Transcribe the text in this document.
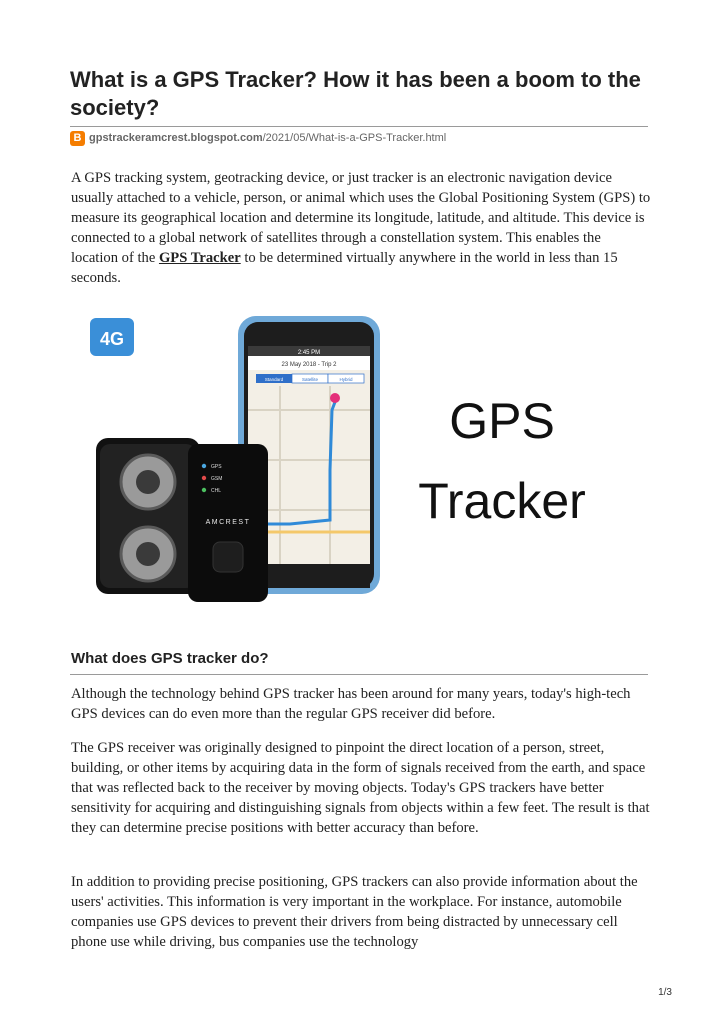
What is a GPS Tracker? How it has been a boom to the society?
B gpstrackeramcrest.blogspot.com /2021/05/What-is-a-GPS-Tracker.html

A GPS tracking system, geotracking device, or just tracker is an electronic navigation device usually attached to a vehicle, person, or animal which uses the Global Positioning System (GPS) to measure its geographical location and determine its longitude, latitude, and altitude. This device is connected to a global network of satellites through a constellation system. This enables the location of the GPS Tracker to be determined virtually anywhere in the world in less than 15 seconds.

4G
2:45 PM
23 May 2018 - Trip 2
Standard	Satellite	Hybrid
GPS
GSM
CHL
AMCREST
GPS
Tracker
What does GPS tracker do?

Although the technology behind GPS tracker has been around for many years, today's high-tech GPS devices can do even more than the regular GPS receiver did before.

The GPS receiver was originally designed to pinpoint the direct location of a person, street, building, or other items by acquiring data in the form of signals received from the earth, and space that was reflected back to the receiver by moving objects. Today's GPS trackers have better sensitivity for acquiring and distinguishing signals from objects within a few feet. The result is that they can determine precise positions with better accuracy than before.

In addition to providing precise positioning, GPS trackers can also provide information about the users' activities. This information is very important in the workplace. For instance, automobile companies use GPS devices to prevent their drivers from being distracted by unnecessary cell phone use while driving, bus companies use the technology

1/3
